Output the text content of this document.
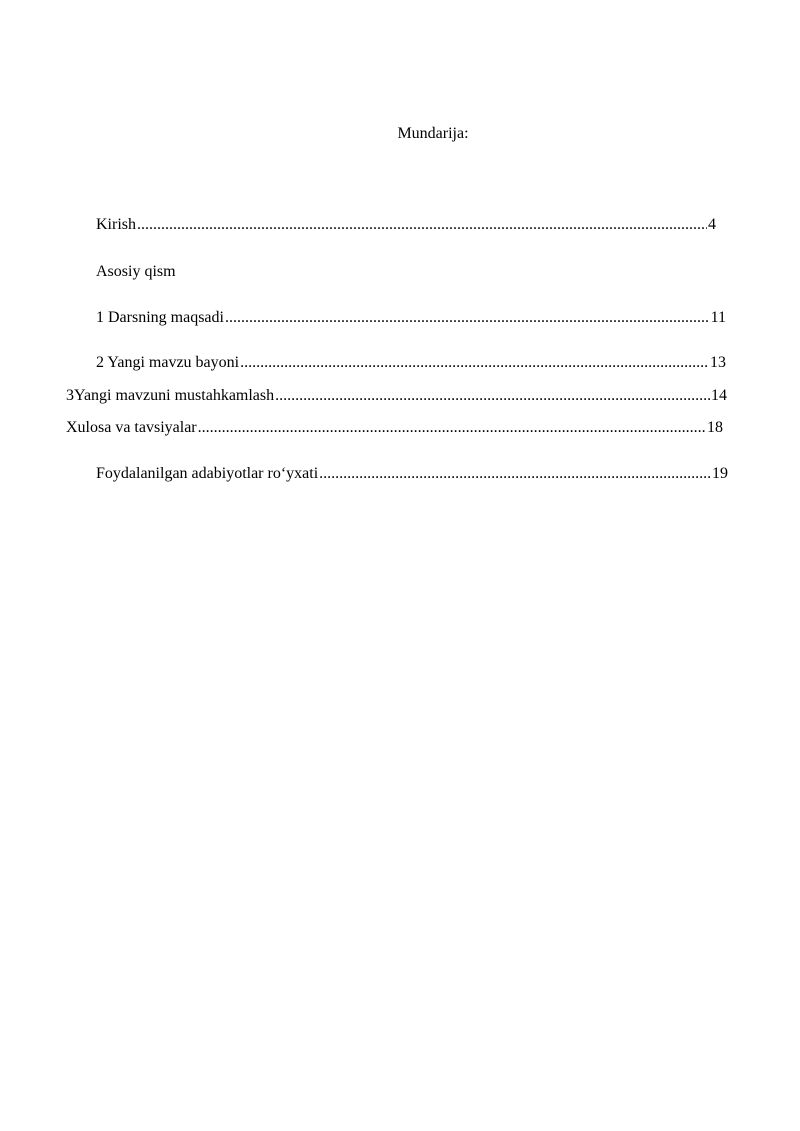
Mundarija:
Kirish .....	4
Asosiy qism
1 Darsning maqsadi .....	11
2 Yangi mavzu bayoni .....	13
3Yangi mavzuni mustahkamlash .....	14
Xulosa va tavsiyalar .....	18
Foydalanilgan adabiyotlar ro‘yxati .....	19
